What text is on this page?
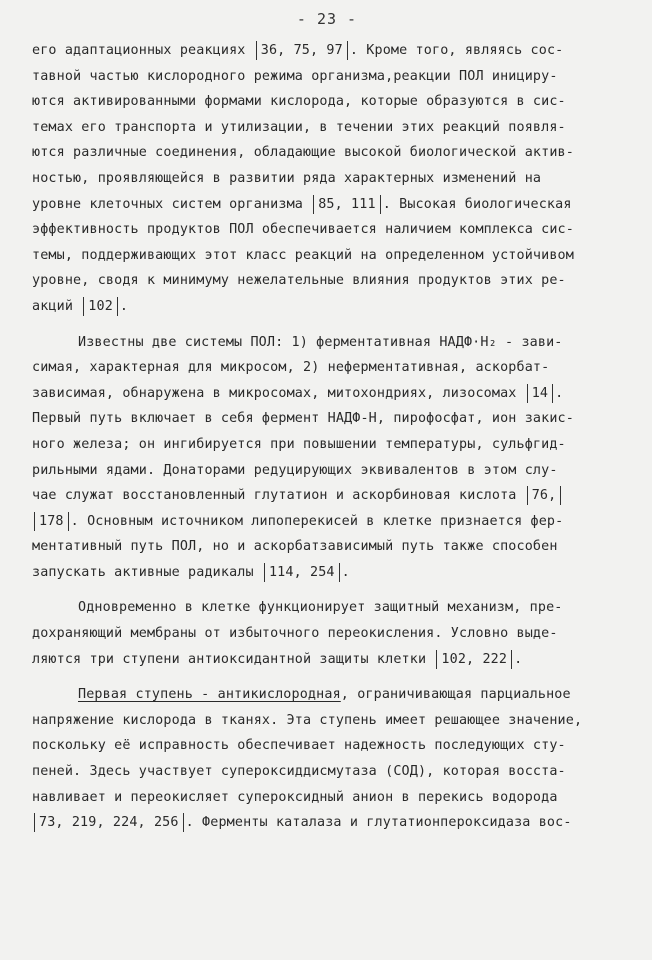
- 23 -
его адаптационных реакциях 36, 75, 97 . Кроме того, являясь сос-
тавной частью кислородного режима организма,реакции ПОЛ инициру-
ются активированными формами кислорода, которые образуются в сис-
темах его транспорта и утилизации, в течении этих реакций появля-
ются различные соединения, обладающие высокой биологической актив-
ностью, проявляющейся в развитии ряда характерных изменений на
уровне клеточных систем организма 85, 111 . Высокая биологическая
эффективность продуктов ПОЛ обеспечивается наличием комплекса сис-
темы, поддерживающих этот класс реакций на определенном устойчивом
уровне, сводя к минимуму нежелательные влияния продуктов этих ре-
акций 102 .
Известны две системы ПОЛ: 1) ферментативная НАДФ·Н₂ - зави-
симая, характерная для микросом, 2) неферментативная, аскорбат-
зависимая, обнаружена в микросомах, митохондриях, лизосомах 14 .
Первый путь включает в себя фермент НАДФ-Н, пирофосфат, ион закис-
ного железа; он ингибируется при повышении температуры, сульфгид-
рильными ядами. Донаторами редуцирующих эквивалентов в этом слу-
чае служат восстановленный глутатион и аскорбиновая кислота 76,
178 . Основным источником липоперекисей в клетке признается фер-
ментативный путь ПОЛ, но и аскорбатзависимый путь также способен
запускать активные радикалы 114, 254 .
Одновременно в клетке функционирует защитный механизм, пре-
дохраняющий мембраны от избыточного переокисления. Условно выде-
ляются три ступени антиоксидантной защиты клетки 102, 222 .
Первая ступень - антикислородная, ограничивающая парциальное
напряжение кислорода в тканях. Эта ступень имеет решающее значение,
поскольку её исправность обеспечивает надежность последующих сту-
пеней. Здесь участвует супероксиддисмутаза (СОД), которая восста-
навливает и переокисляет супероксидный анион в перекись водорода
73, 219, 224, 256 . Ферменты каталаза и глутатионпероксидаза вос-
